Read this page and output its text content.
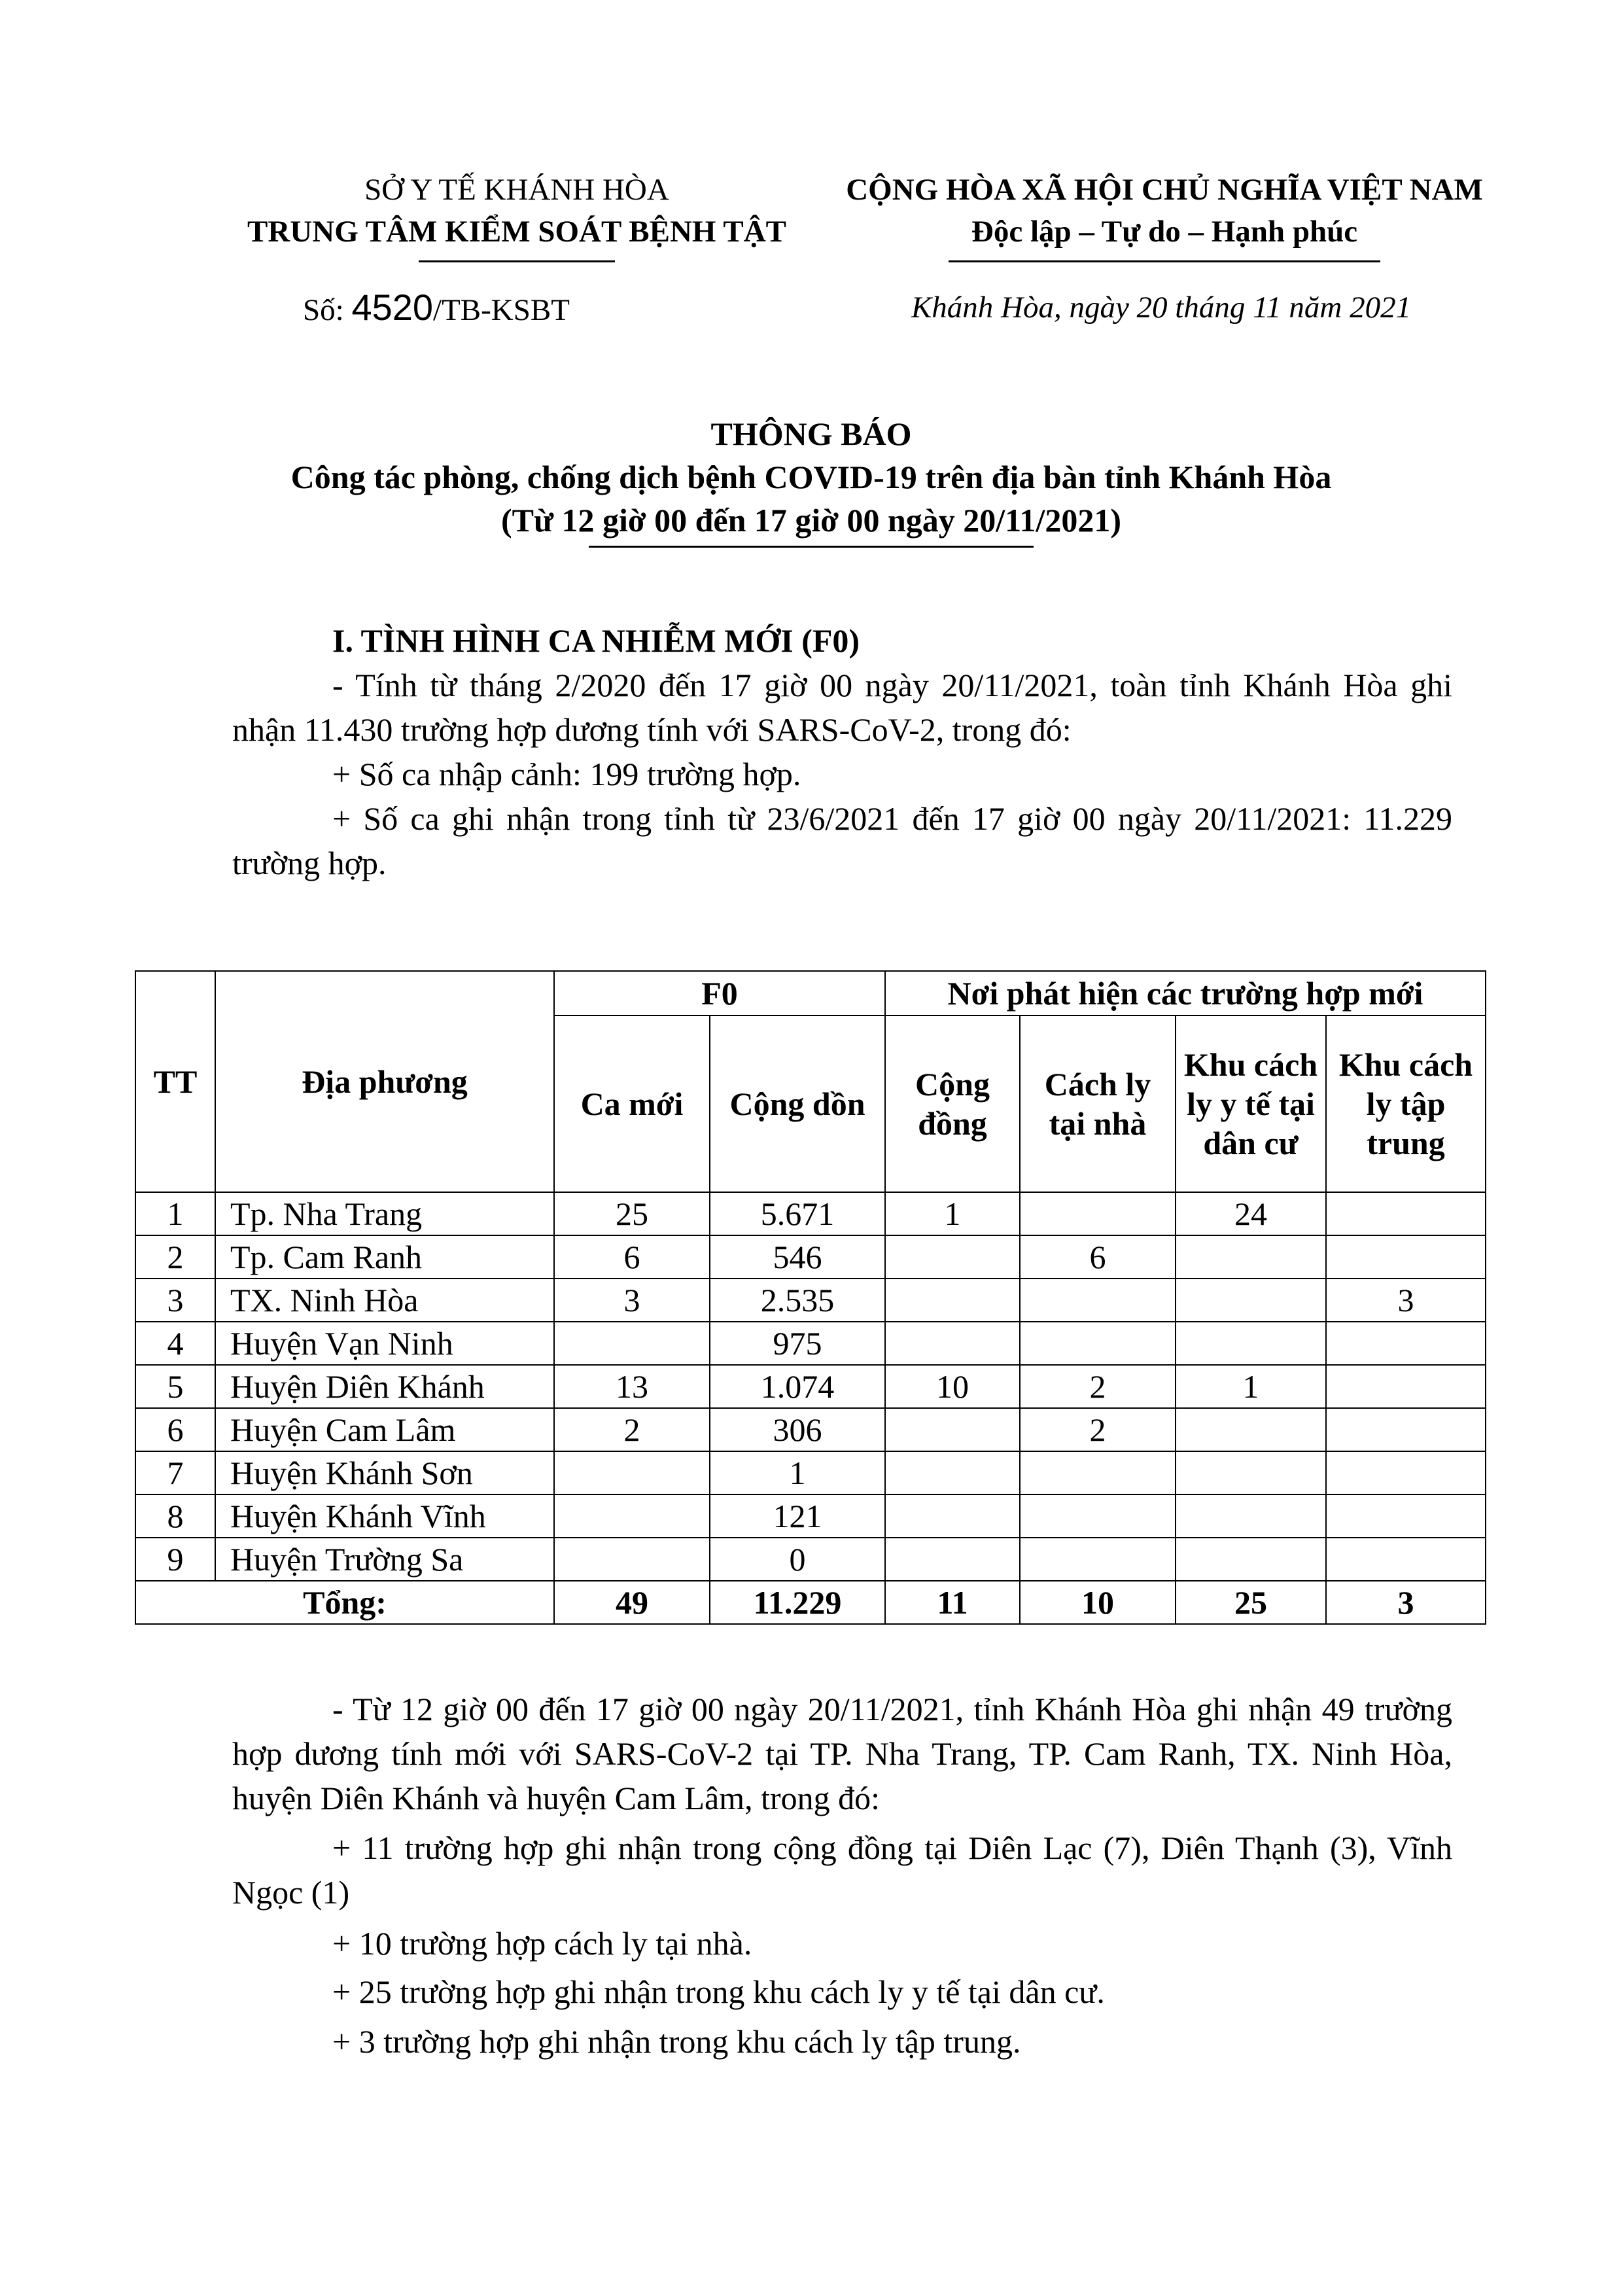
SỞ Y TẾ KHÁNH HÒA
TRUNG TÂM KIỂM SOÁT BỆNH TẬT
CỘNG HÒA XÃ HỘI CHỦ NGHĨA VIỆT NAM
Độc lập – Tự do – Hạnh phúc
Số: 4520/TB-KSBT	Khánh Hòa, ngày 20 tháng 11 năm 2021
THÔNG BÁO
Công tác phòng, chống dịch bệnh COVID-19 trên địa bàn tỉnh Khánh Hòa
(Từ 12 giờ 00 đến 17 giờ 00 ngày 20/11/2021)
I. TÌNH HÌNH CA NHIỄM MỚI (F0)
- Tính từ tháng 2/2020 đến 17 giờ 00 ngày 20/11/2021, toàn tỉnh Khánh Hòa ghi nhận 11.430 trường hợp dương tính với SARS-CoV-2, trong đó:
+ Số ca nhập cảnh: 199 trường hợp.
+ Số ca ghi nhận trong tỉnh từ 23/6/2021 đến 17 giờ 00 ngày 20/11/2021: 11.229 trường hợp.
TT	Địa phương	F0		Nơi phát hiện các trường hợp mới			
		Ca mới	Cộng dồn	Cộng đồng	Cách ly tại nhà	Khu cách ly y tế tại dân cư	Khu cách ly tập trung
1	Tp. Nha Trang	25	5.671	1		24	
2	Tp. Cam Ranh	6	546		6		
3	TX. Ninh Hòa	3	2.535				3
4	Huyện Vạn Ninh		975				
5	Huyện Diên Khánh	13	1.074	10	2	1	
6	Huyện Cam Lâm	2	306		2		
7	Huyện Khánh Sơn		1				
8	Huyện Khánh Vĩnh		121				
9	Huyện Trường Sa		0				
Tổng:		49	11.229	11	10	25	3
- Từ 12 giờ 00 đến 17 giờ 00 ngày 20/11/2021, tỉnh Khánh Hòa ghi nhận 49 trường hợp dương tính mới với SARS-CoV-2 tại TP. Nha Trang, TP. Cam Ranh, TX. Ninh Hòa, huyện Diên Khánh và huyện Cam Lâm, trong đó:
+ 11 trường hợp ghi nhận trong cộng đồng tại Diên Lạc (7), Diên Thạnh (3), Vĩnh Ngọc (1)
+ 10 trường hợp cách ly tại nhà.
+ 25 trường hợp ghi nhận trong khu cách ly y tế tại dân cư.
+ 3 trường hợp ghi nhận trong khu cách ly tập trung.
